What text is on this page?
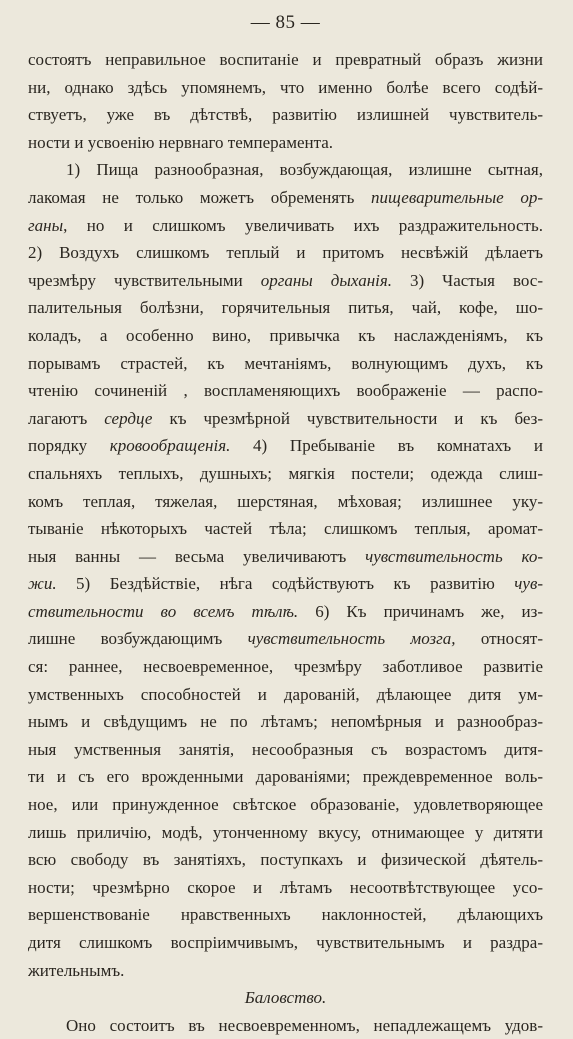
— 85 —
состоятъ неправильное воспитаніе и превратный образъ жизни
ни, однако здѣсь упомянемъ, что именно болѣе всего содѣй-
ствуетъ, уже въ дѣтствѣ, развитію излишней чувствитель-
ности и усвоенію нервнаго темперамента.
1) Пища разнообразная, возбуждающая, излишне сытная,
лакомая не только можетъ обременять пищеварительные ор-
ганы, но и слишкомъ увеличивать ихъ раздражительность.
2) Воздухъ слишкомъ теплый и притомъ несвѣжій дѣлаетъ
чрезмѣру чувствительными органы дыханія. 3) Частыя вос-
палительныя болѣзни, горячительныя питья, чай, кофе, шо-
коладъ, а особенно вино, привычка къ наслажденіямъ, къ
порывамъ страстей, къ мечтаніямъ, волнующимъ духъ, къ
чтенію сочиненій , воспламеняющихъ воображеніе — распо-
лагаютъ сердце къ чрезмѣрной чувствительности и къ без-
порядку кровообращенія. 4) Пребываніе въ комнатахъ и
спальняхъ теплыхъ, душныхъ; мягкія постели; одежда слиш-
комъ теплая, тяжелая, шерстяная, мѣховая; излишнее уку-
тываніе нѣкоторыхъ частей тѣла; слишкомъ теплыя, аромат-
ныя ванны — весьма увеличиваютъ чувствительность ко-
жи. 5) Бездѣйствіе, нѣга содѣйствуютъ къ развитію чув-
ствительности во всемъ тѣлѣ. 6) Къ причинамъ же, из-
лишне возбуждающимъ чувствительность мозга, относят-
ся: раннее, несвоевременное, чрезмѣру заботливое развитіе
умственныхъ способностей и дарованій, дѣлающее дитя ум-
нымъ и свѣдущимъ не по лѣтамъ; непомѣрныя и разнообраз-
ныя умственныя занятія, несообразныя съ возрастомъ дитя-
ти и съ его врожденными дарованіями; преждевременное воль-
ное, или принужденное свѣтское образованіе, удовлетворяющее
лишь приличію, модѣ, утонченному вкусу, отнимающее у дитяти
всю свободу въ занятіяхъ, поступкахъ и физической дѣятель-
ности; чрезмѣрно скорое и лѣтамъ несоотвѣтствующее усо-
вершенствованіе нравственныхъ наклонностей, дѣлающихъ
дитя слишкомъ воспріимчивымъ, чувствительнымъ и раздра-
жительнымъ.
Баловство.
Оно состоитъ въ несвоевременномъ, непадлежащемъ удов-
